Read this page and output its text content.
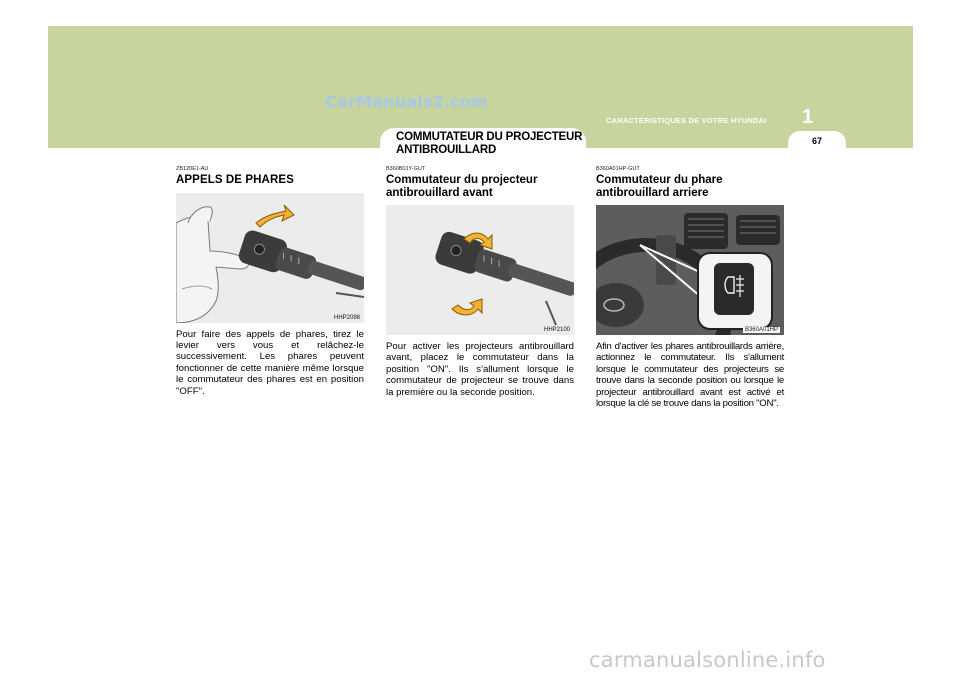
CarManuals2.com
1
CARACTÉRISTIQUES DE VOTRE HYUNDAI
67
COMMUTATEUR DU PROJECTEUR ANTIBROUILLARD
ZB120E1-AU
APPELS DE PHARES
HHP2098
Pour faire des appels de phares, tirez le levier vers vous et relâchez-le successivement. Les phares peuvent fonctionner de cette manière même lorsque le commutateur des phares est en position "OFF".
B360B01Y-GUT
Commutateur du projecteur antibrouillard avant
HHP2100
Pour activer les projecteurs antibrouillard avant, placez le commutateur dans la position "ON". Ils s'allument lorsque le commutateur de projecteur se trouve dans la première ou la seconde position.
B360A01HP-GUT
Commutateur du phare antibrouillard arriere
B360A01HP
Afin d'activer les phares antibrouillards arrière, actionnez le commutateur. Ils s'allument lorsque le commutateur des projecteurs se trouve dans la seconde position ou lorsque le projecteur antibrouillard avant est activé et lorsque la clé se trouve dans la position "ON".
carmanualsonline.info
